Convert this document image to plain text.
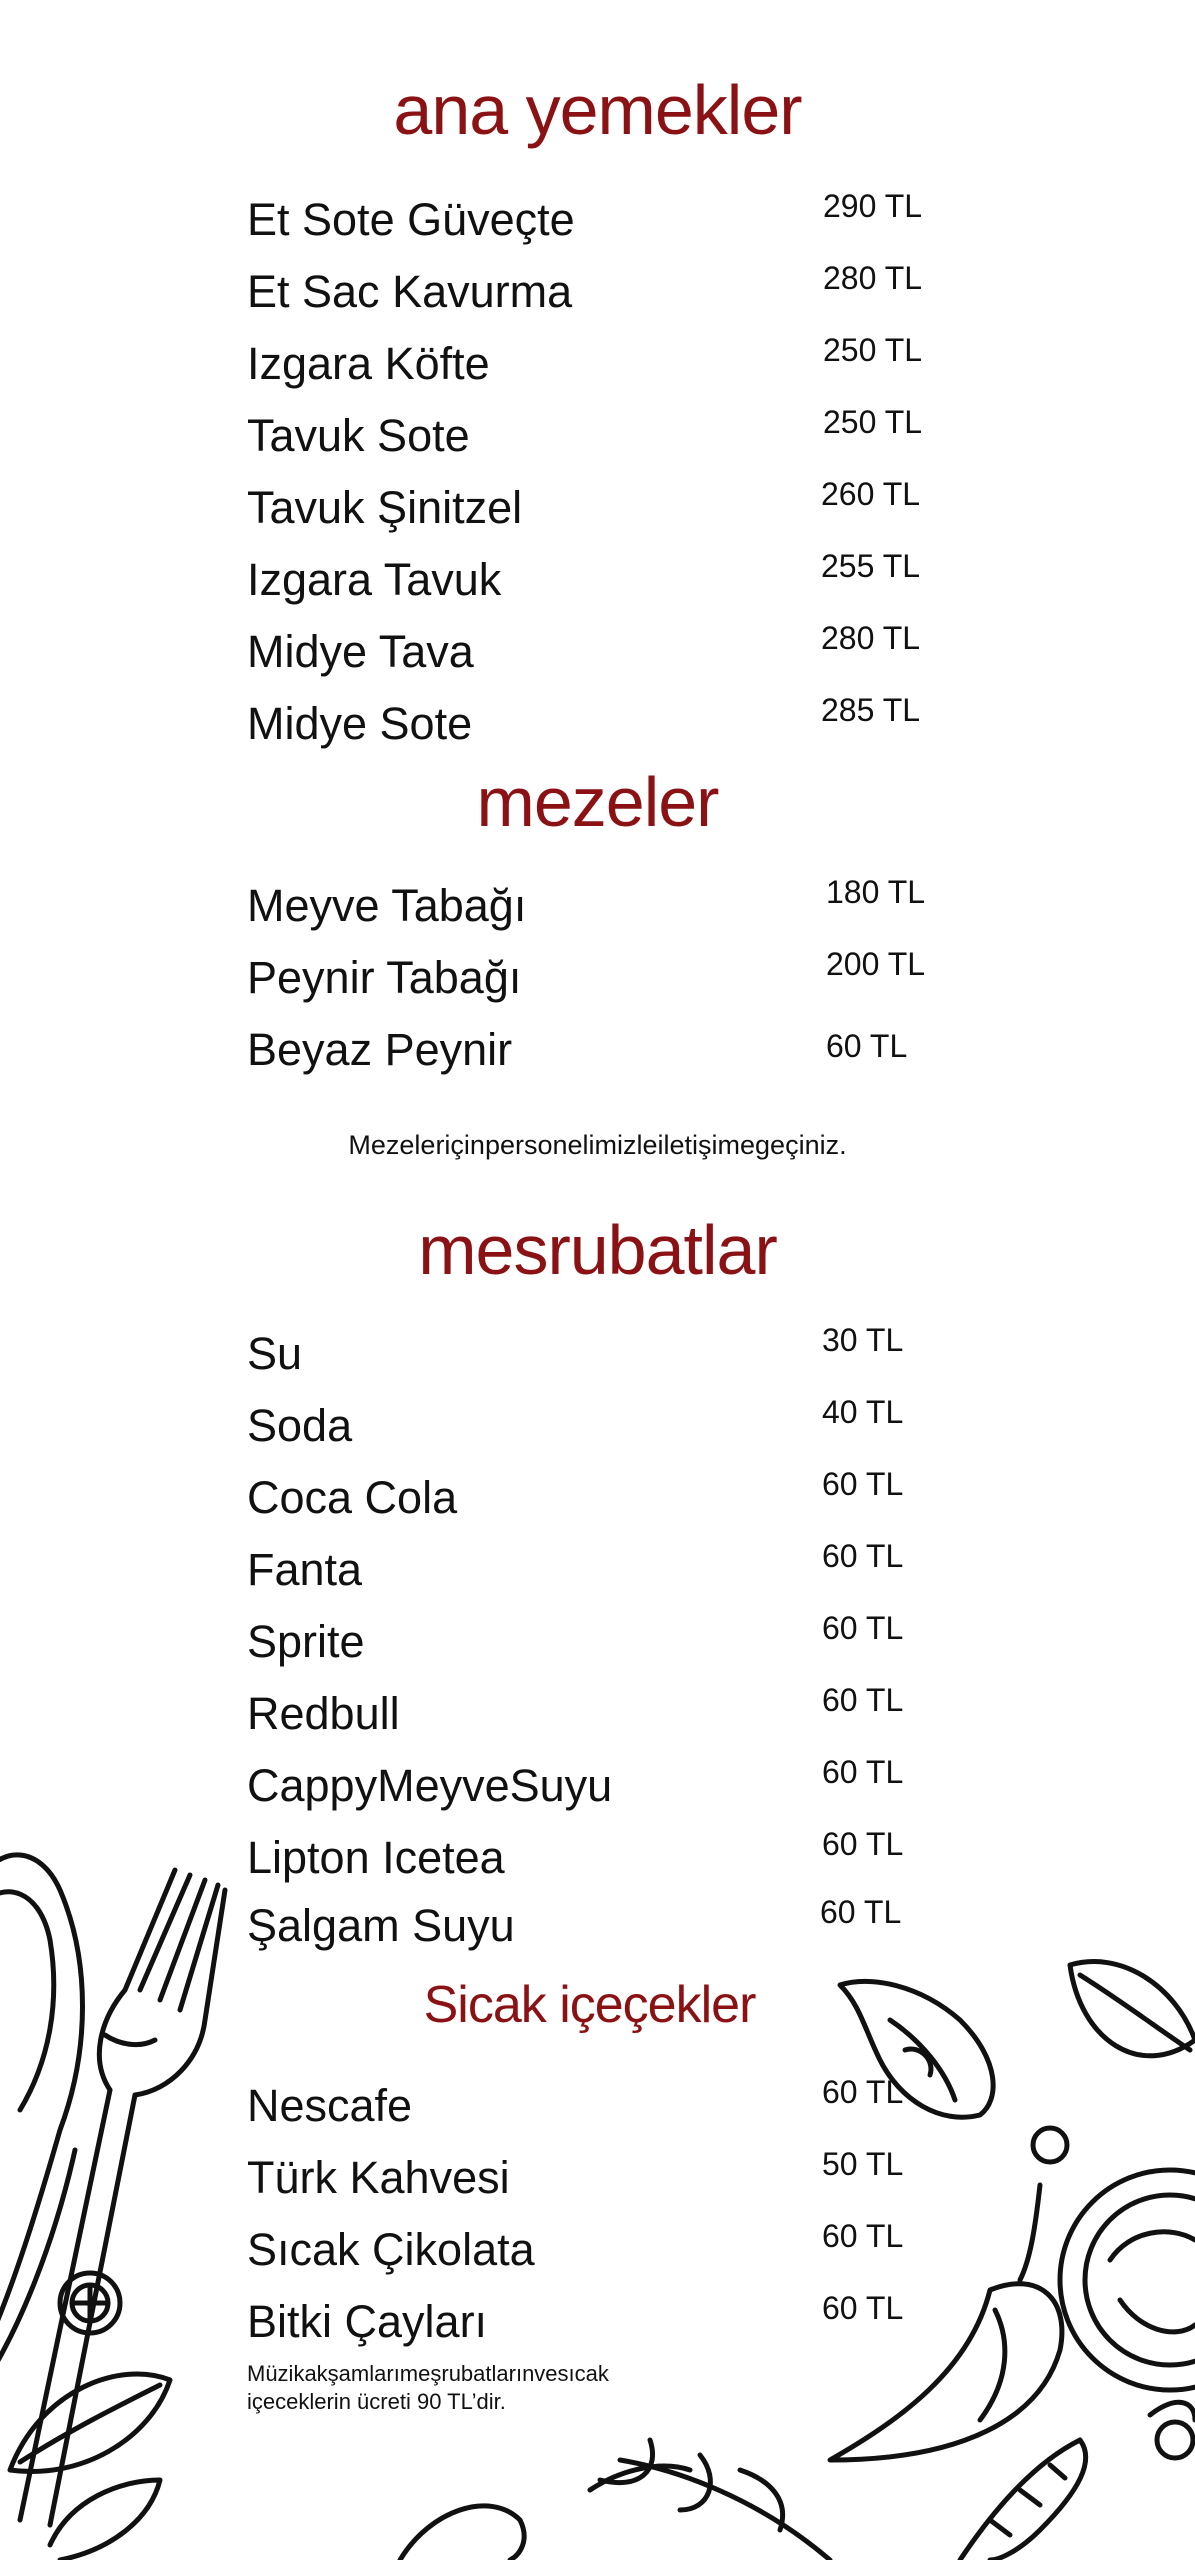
ana yemekler
Et Sote Güveçte	290 TL
Et Sac Kavurma	280 TL
Izgara Köfte	250 TL
Tavuk Sote	250 TL
Tavuk Şinitzel	260 TL
Izgara Tavuk	255 TL
Midye Tava	280 TL
Midye Sote	285 TL
mezeler
Meyve Tabağı	180 TL
Peynir Tabağı	200 TL
Beyaz Peynir	60 TL
Mezeleriçinpersonelimizleiletişimegeçiniz.
mesrubatlar
Su	30 TL
Soda	40 TL
Coca Cola	60 TL
Fanta	60 TL
Sprite	60 TL
Redbull	60 TL
CappyMeyveSuyu	60 TL
Lipton Icetea	60 TL
Şalgam Suyu	60 TL
Sicak içeçekler
Nescafe	60 TL
Türk Kahvesi	50 TL
Sıcak Çikolata	60 TL
Bitki Çayları	60 TL
Müzikakşamlarımeşrubatlarınvesıcak
içeceklerin ücreti 90 TL’dir.
